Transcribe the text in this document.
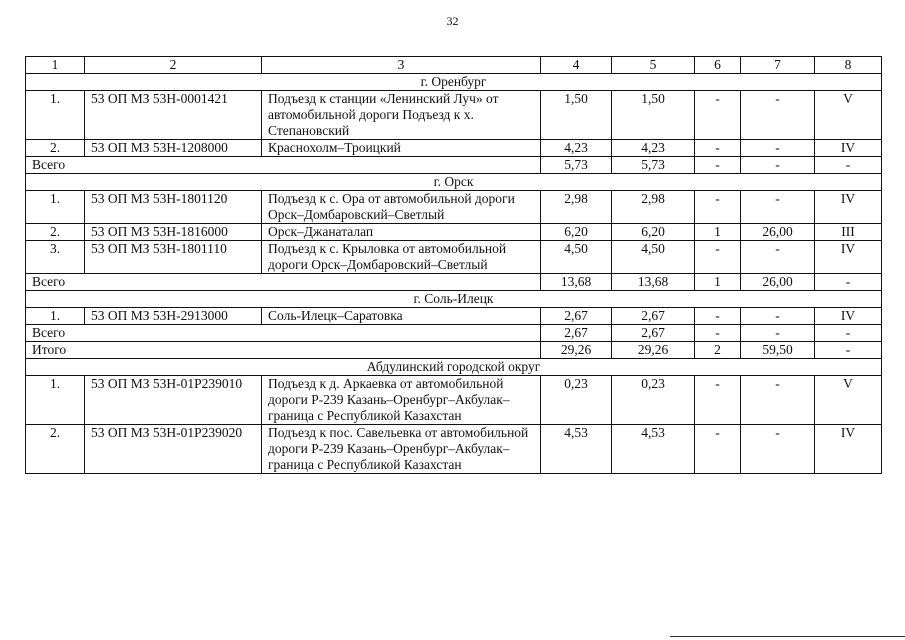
32
1	2	3	4	5	6	7	8
г. Оренбург							
1.	53 ОП МЗ 53Н-0001421	Подъезд к станции «Ленинский Луч» от автомобильной дороги Подъезд к х. Степановский	1,50	1,50	-	-	V
2.	53 ОП МЗ 53Н-1208000	Краснохолм–Троицкий	4,23	4,23	-	-	IV
Всего			5,73	5,73	-	-	-
г. Орск							
1.	53 ОП МЗ 53Н-1801120	Подъезд к с. Ора от автомобильной дороги Орск–Домбаровский–Светлый	2,98	2,98	-	-	IV
2.	53 ОП МЗ 53Н-1816000	Орск–Джанаталап	6,20	6,20	1	26,00	III
3.	53 ОП МЗ 53Н-1801110	Подъезд к с. Крыловка от автомобильной дороги Орск–Домбаровский–Светлый	4,50	4,50	-	-	IV
Всего			13,68	13,68	1	26,00	-
г. Соль-Илецк							
1.	53 ОП МЗ 53Н-2913000	Соль-Илецк–Саратовка	2,67	2,67	-	-	IV
Всего			2,67	2,67	-	-	-
Итого			29,26	29,26	2	59,50	-
Абдулинский городской округ							
1.	53 ОП МЗ 53Н-01Р239010	Подъезд к д. Аркаевка от автомобильной дороги Р-239 Казань–Оренбург–Акбулак–граница с Республикой Казахстан	0,23	0,23	-	-	V
2.	53 ОП МЗ 53Н-01Р239020	Подъезд к пос. Савельевка от автомобильной дороги Р-239 Казань–Оренбург–Акбулак–граница с Республикой Казахстан	4,53	4,53	-	-	IV
